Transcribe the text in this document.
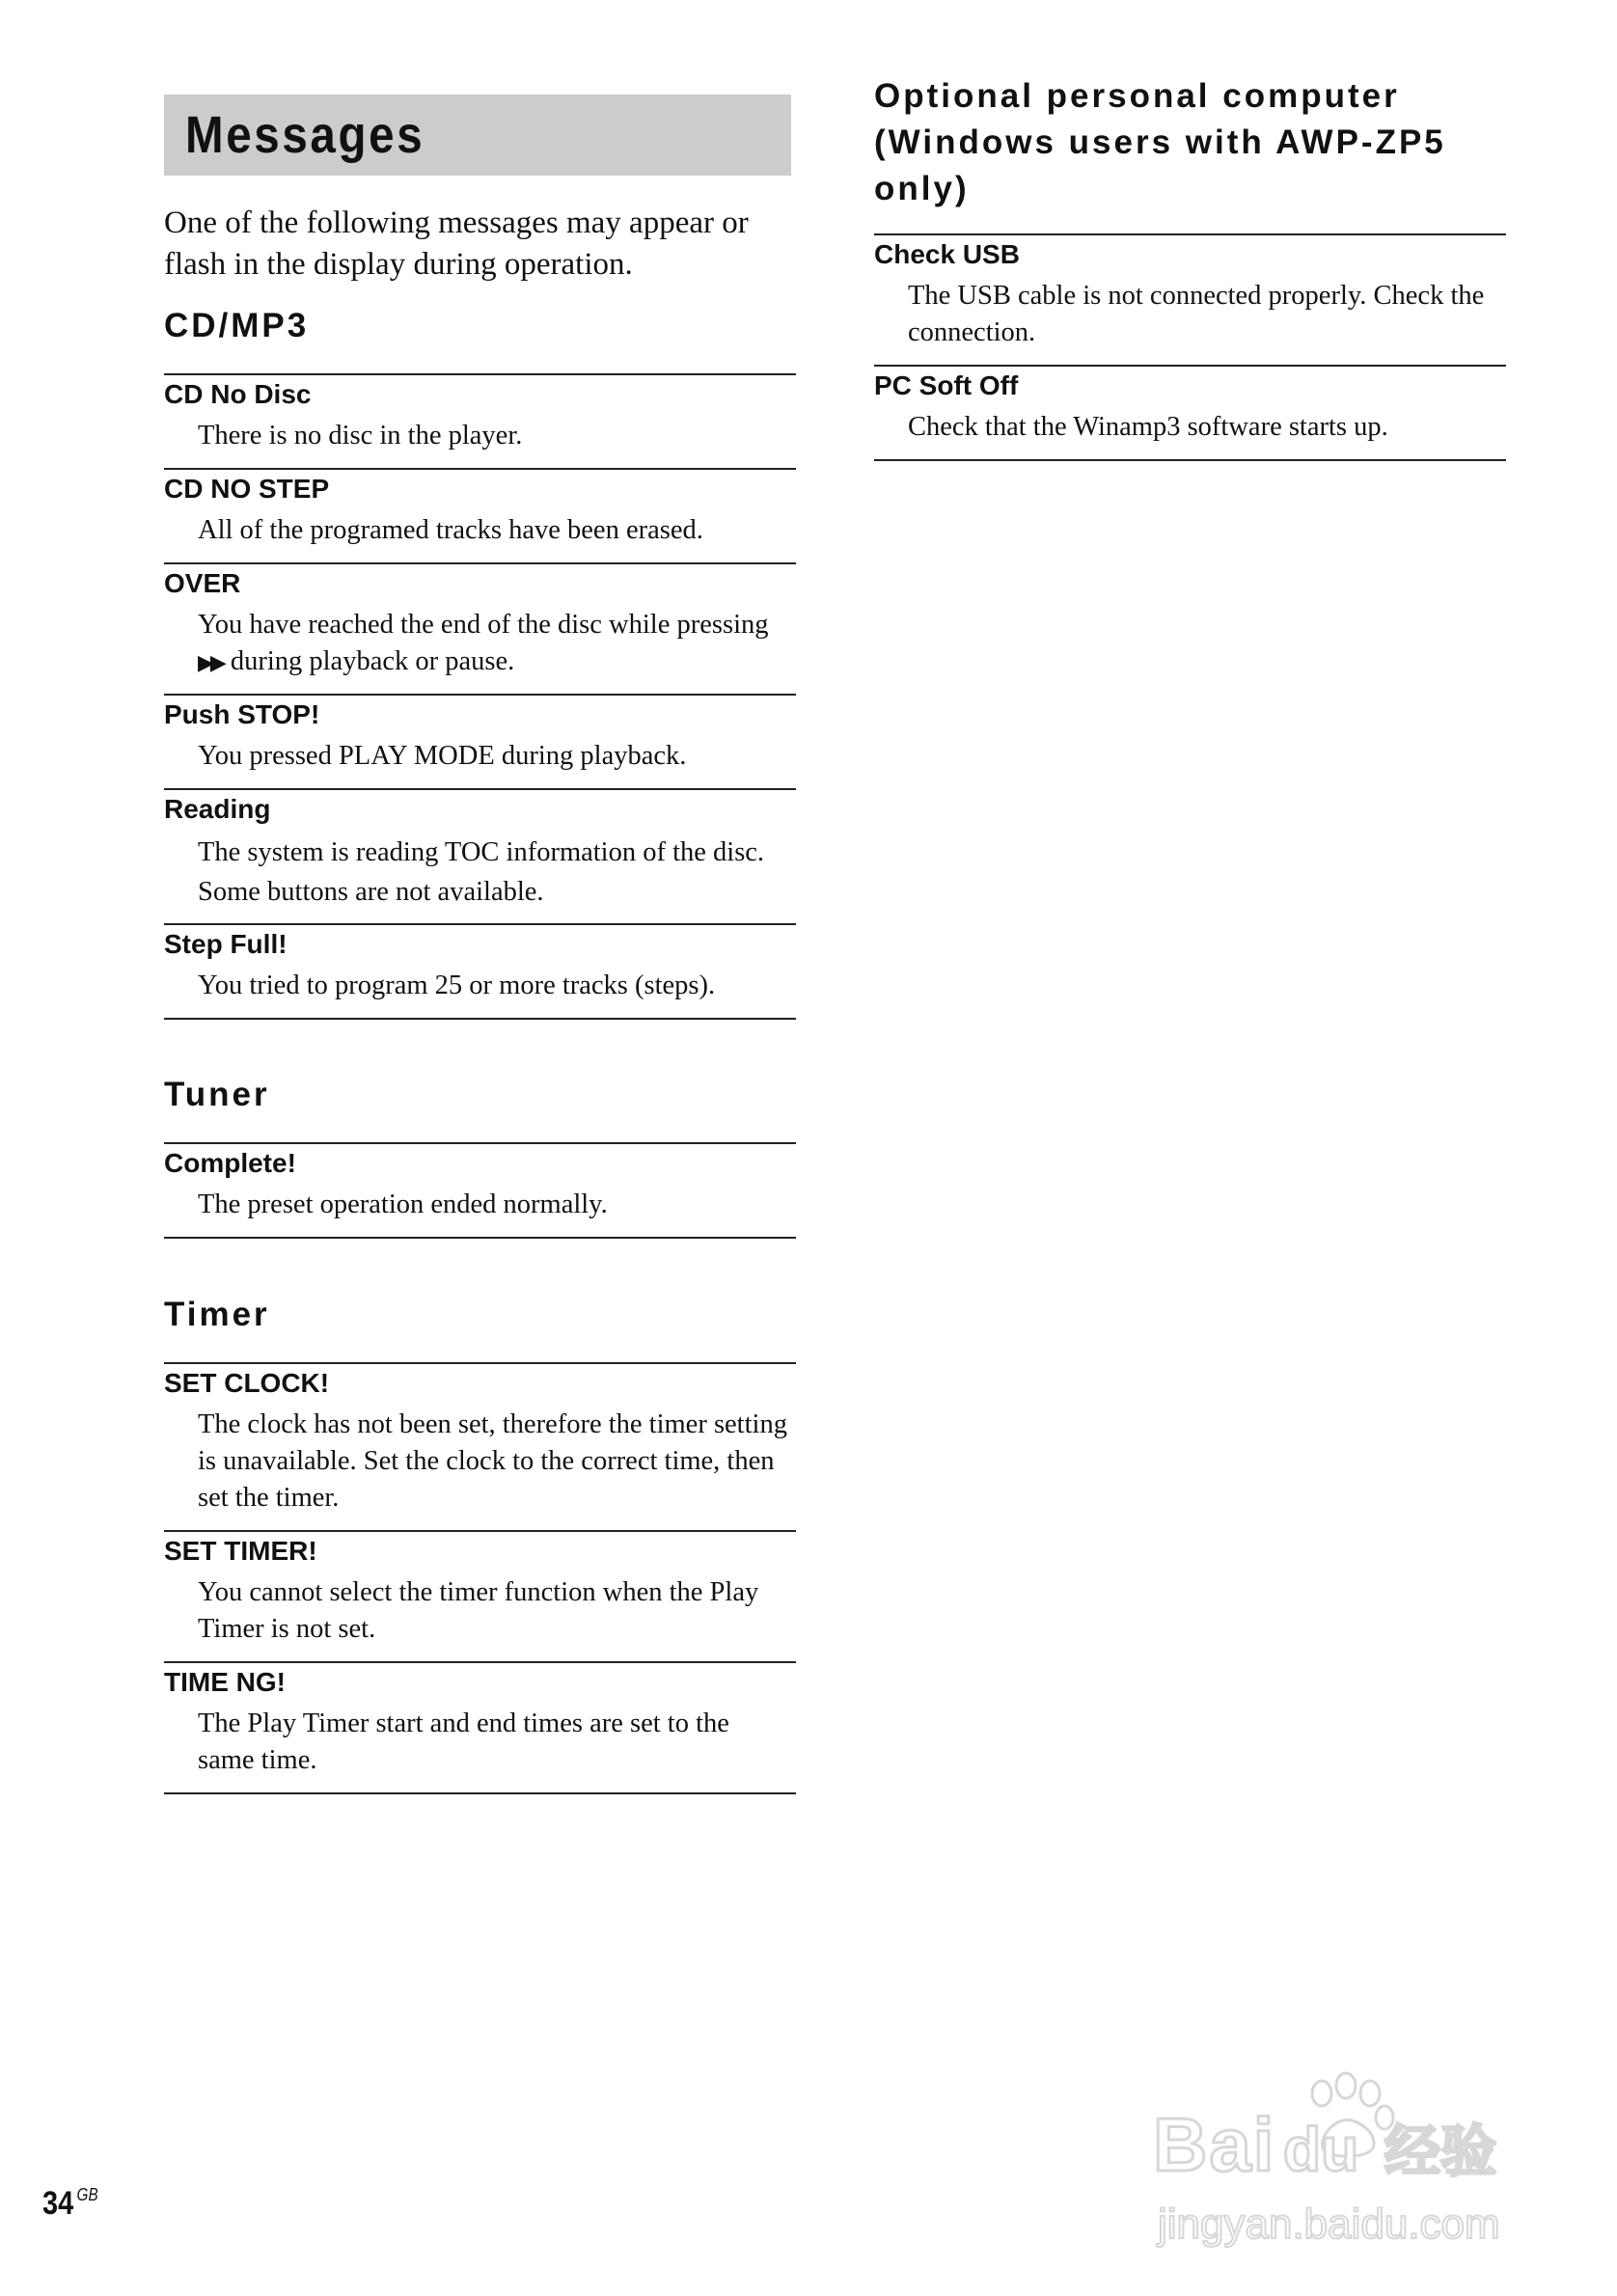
Messages

One of the following messages may appear or flash in the display during operation.

CD/MP3

CD No Disc

There is no disc in the player.

CD NO STEP

All of the programed tracks have been erased.

OVER

You have reached the end of the disc while pressing
▶▶ during playback or pause.

Push STOP!

You pressed PLAY MODE during playback.

Reading

The system is reading TOC information of the disc. Some buttons are not available.

Step Full!

You tried to program 25 or more tracks (steps).

Tuner

Complete!

The preset operation ended normally.

Timer

SET CLOCK!

The clock has not been set, therefore the timer setting is unavailable. Set the clock to the correct time, then set the timer.

SET TIMER!

You cannot select the timer function when the Play Timer is not set.

TIME NG!

The Play Timer start and end times are set to the same time.

Optional personal computer
(Windows users with AWP-ZP5
only)

Check USB

The USB cable is not connected properly. Check the connection.

PC Soft Off

Check that the Winamp3 software starts up.

34 $^{GB}$
Bai du 经验
jingyan.baidu.com
